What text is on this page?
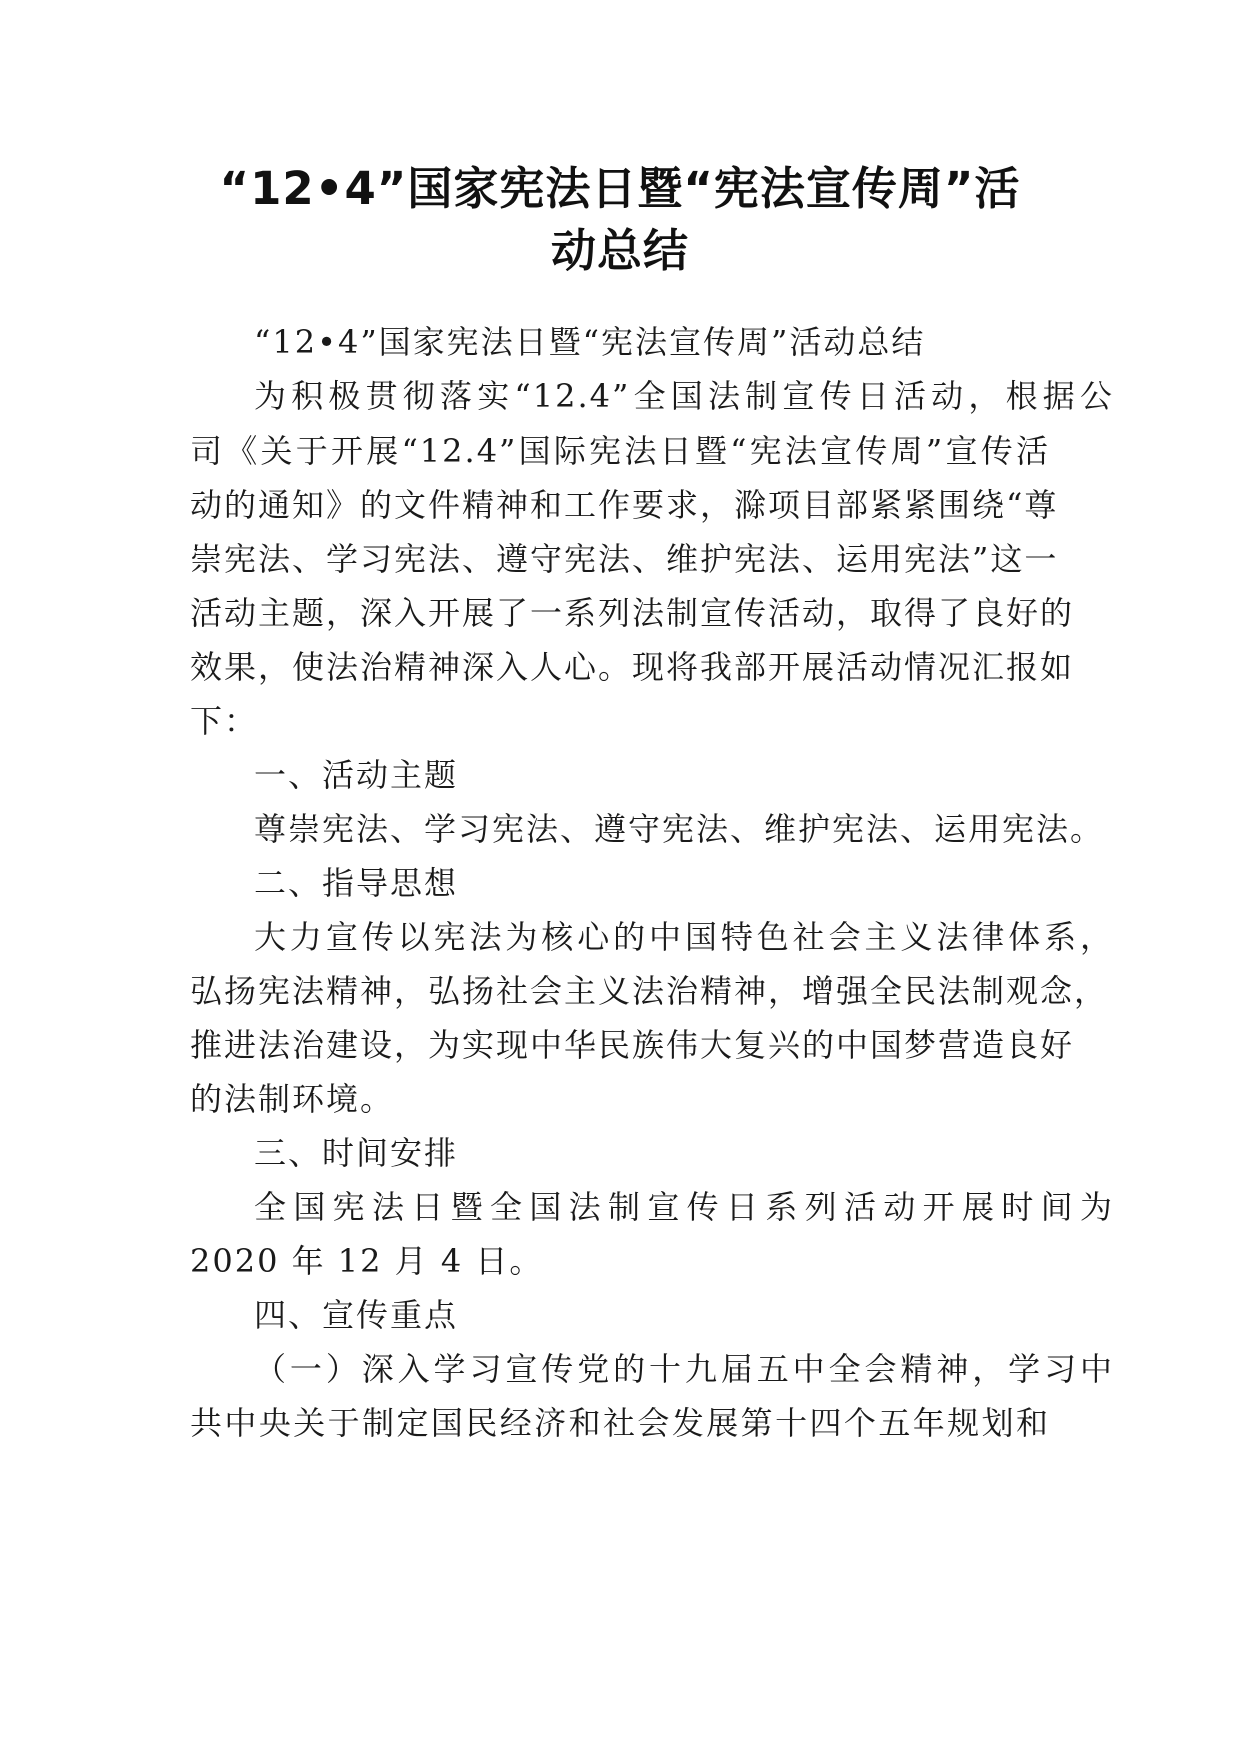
“12•4”国家宪法日暨“宪法宣传周”活
动总结
“12•4”国家宪法日暨“宪法宣传周”活动总结
为积极贯彻落实“12.4”全国法制宣传日活动，根据公
司《关于开展“12.4”国际宪法日暨“宪法宣传周”宣传活
动的通知》的文件精神和工作要求，滁项目部紧紧围绕“尊
崇宪法、学习宪法、遵守宪法、维护宪法、运用宪法”这一
活动主题，深入开展了一系列法制宣传活动，取得了良好的
效果，使法治精神深入人心。现将我部开展活动情况汇报如
下：
一、活动主题
尊崇宪法、学习宪法、遵守宪法、维护宪法、运用宪法。
二、指导思想
大力宣传以宪法为核心的中国特色社会主义法律体系，
弘扬宪法精神，弘扬社会主义法治精神，增强全民法制观念，
推进法治建设，为实现中华民族伟大复兴的中国梦营造良好
的法制环境。
三、时间安排
全国宪法日暨全国法制宣传日系列活动开展时间为
2020 年 12 月 4 日。
四、宣传重点
（一）深入学习宣传党的十九届五中全会精神，学习中
共中央关于制定国民经济和社会发展第十四个五年规划和
